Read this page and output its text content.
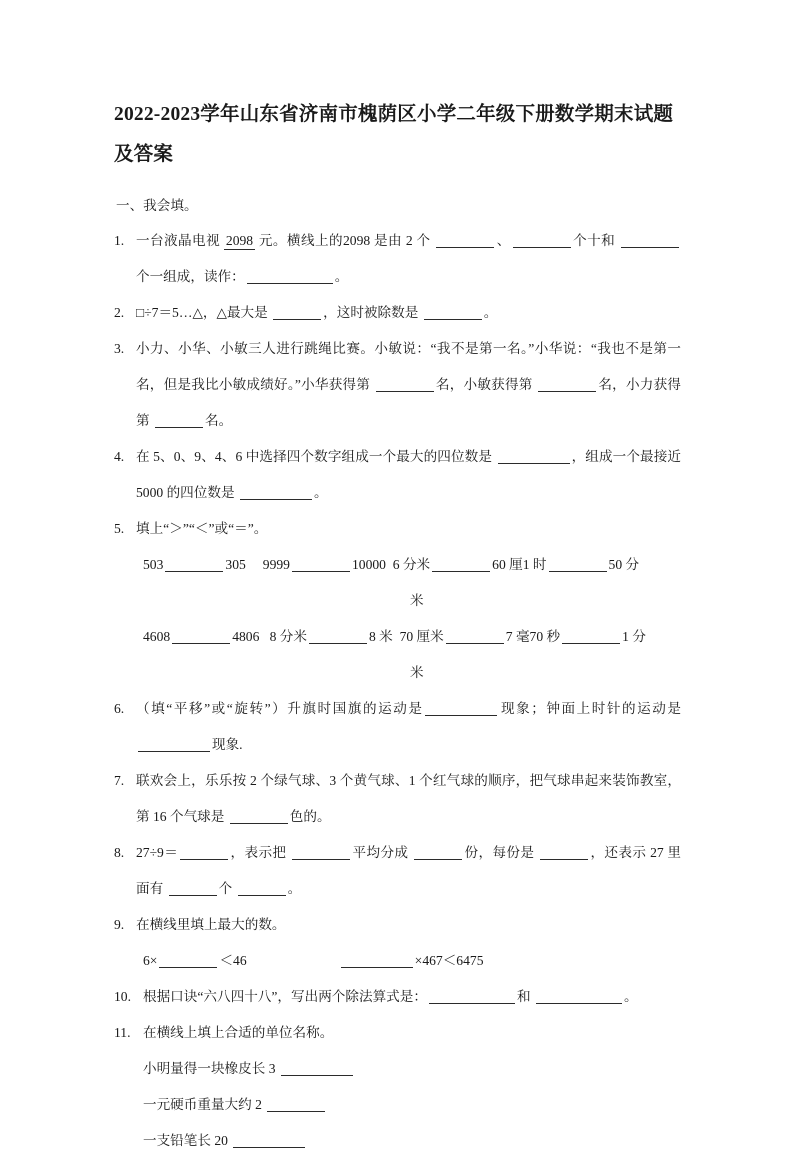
2022-2023学年山东省济南市槐荫区小学二年级下册数学期末试题及答案
一、我会填。
1. 一台液晶电视 2098 元。横线上的2098 是由 2 个	、	个十和 个一组成，读作：	。
2. □÷7＝5…△，△最大是	，这时被除数是	。
3. 小力、小华、小敏三人进行跳绳比赛。小敏说：“我不是第一名。”小华说：“我也不是第一名，但是我比小敏成绩好。”小华获得第	名，小敏获得第	名，小力获得第	名。
4. 在 5、0、9、4、6 中选择四个数字组成一个最大的四位数是	，组成一个最接近 5000 的四位数是	。
5. 填上“＞”“＜”或“＝”。
503	305 9999	10000 6 分米	60 厘1 时	50 分
米
4608	4806 8 分米	8 米 70 厘米	7 毫70 秒	1 分
米
6. （填“平移”或“旋转”）升旗时国旗的运动是	现象；钟面上时针的运动是现象.
7. 联欢会上，乐乐按 2 个绿气球、3 个黄气球、1 个红气球的顺序，把气球串起来装饰教室，第 16 个气球是	色的。
8. 27÷9＝	，表示把	平均分成	份，每份是	，还表示 27 里面有	个	。
9. 在横线里填上最大的数。
6×	＜46	×467＜6475
10. 根据口诀“六八四十八”，写出两个除法算式是：	和	。
11. 在横线上填上合适的单位名称。
小明量得一块橡皮长 3
一元硬币重量大约 2
一支铅笔长 20
